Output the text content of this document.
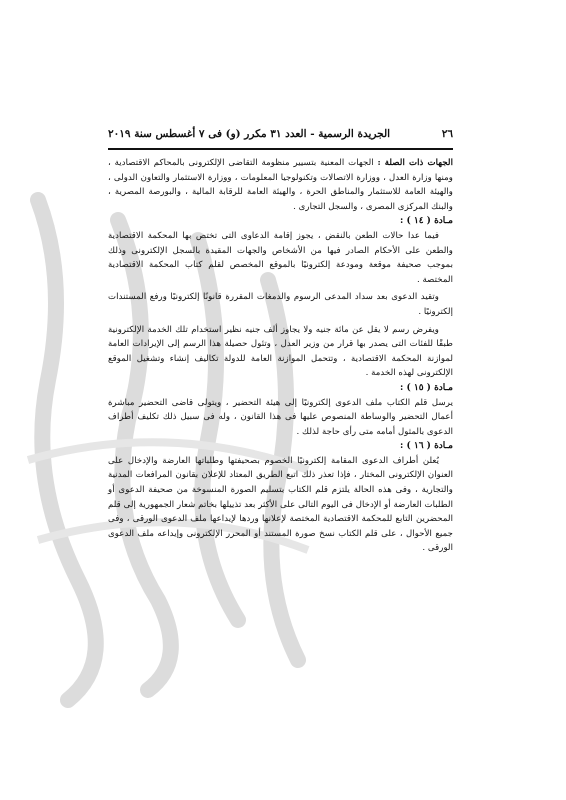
٢٦
الجريدة الرسمية - العدد ٣١ مكرر (و) فى ٧ أغسطس سنة ٢٠١٩

الجهات ذات الصلة : الجهات المعنية بتسيير منظومة التقاضى الإلكترونى بالمحاكم الاقتصادية ، ومنها وزارة العدل ، ووزارة الاتصالات وتكنولوجيا المعلومات ، ووزارة الاستثمار والتعاون الدولى ، والهيئة العامة للاستثمار والمناطق الحرة ، والهيئة العامة للرقابة المالية ، والبورصة المصرية ، والبنك المركزى المصرى ، والسجل التجارى .

مـادة ( ١٤ ) :

فيما عدا حالات الطعن بالنقض ، يجوز إقامة الدعاوى التى تختص بها المحكمة الاقتصادية والطعن على الأحكام الصادر فيها من الأشخاص والجهات المقيدة بالسجل الإلكترونى وذلك بموجب صحيفة موقعة ومودعة إلكترونيًا بالموقع المخصص لقلم كتاب المحكمة الاقتصادية المختصة .

وتقيد الدعوى بعد سداد المدعى الرسوم والدمغات المقررة قانونًا إلكترونيًا ورفع المستندات إلكترونيًا .

ويفرض رسم لا يقل عن مائة جنيه ولا يجاوز ألف جنيه نظير استخدام تلك الخدمة الإلكترونية طبقًا للفئات التى يصدر بها قرار من وزير العدل ، وتئول حصيلة هذا الرسم إلى الإيرادات العامة لموازنة المحكمة الاقتصادية ، وتتحمل الموازنة العامة للدولة تكاليف إنشاء وتشغيل الموقع الإلكترونى لهذه الخدمة .

مـادة ( ١٥ ) :

يرسل قلم الكتاب ملف الدعوى إلكترونيًا إلى هيئة التحضير ، ويتولى قاضى التحضير مباشرة أعمال التحضير والوساطة المنصوص عليها فى هذا القانون ، وله فى سبيل ذلك تكليف أطراف الدعوى بالمثول أمامه متى رأى حاجة لذلك .

مـادة ( ١٦ ) :

يُعلن أطراف الدعوى المقامة إلكترونيًا الخصوم بصحيفتها وطلباتها العارضة والإدخال على العنوان الإلكترونى المختار ، فإذا تعذر ذلك اتبع الطريق المعتاد للإعلان بقانون المرافعات المدنية والتجارية ، وفى هذه الحالة يلتزم قلم الكتاب بتسليم الصورة المنسوخة من صحيفة الدعوى أو الطلبات العارضة أو الإدخال فى اليوم التالى على الأكثر بعد تذييلها بخاتم شعار الجمهورية إلى قلم المحضرين التابع للمحكمة الاقتصادية المختصة لإعلانها وردها لإيداعها ملف الدعوى الورقى ، وفى جميع الأحوال ، على قلم الكتاب نسخ صورة المستند أو المحرر الإلكترونى وإيداعه ملف الدعوى الورقى .
